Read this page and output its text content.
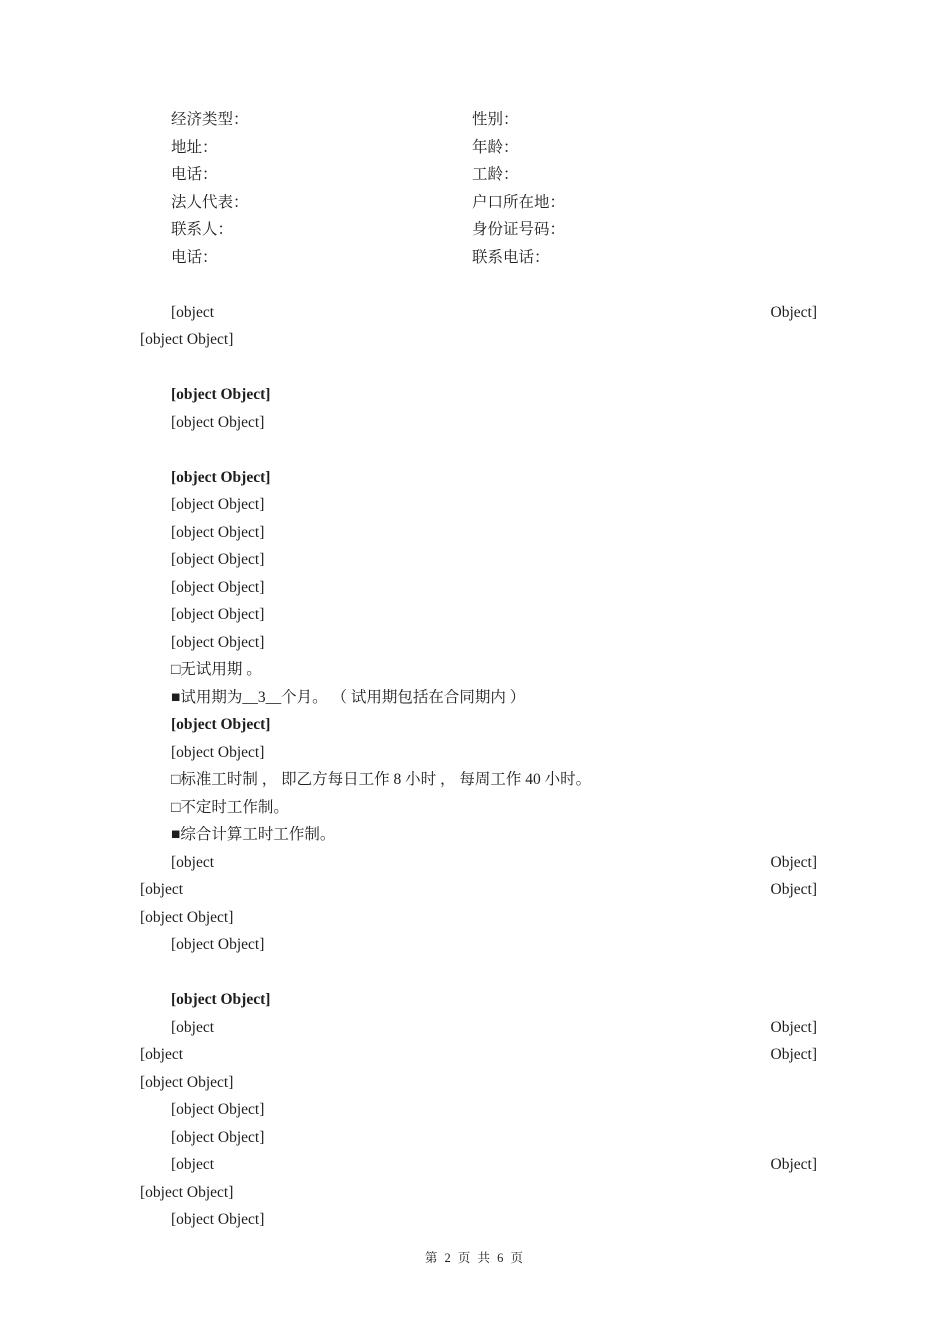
经济类型：	性别：
地址：	年龄：
电话：	工龄：
法人代表：	户口所在地：
联系人：	身份证号码：
电话：	联系电话：
[object Object]
[object Object]
[object Object]
[object Object]
[object Object]
[object Object]
[object Object]
[object Object]
[object Object]
[object Object]
[object Object]
□无试用期 。
■试用期为__3__个月。 （ 试用期包括在合同期内 ）
[object Object]
[object Object]
□标准工时制 ， 即乙方每日工作 8 小时 ， 每周工作 40 小时。
□不定时工作制。
■综合计算工时工作制。
[object Object]
[object Object]
[object Object]
[object Object]
[object Object]
[object Object]
[object Object]
[object Object]
[object Object]
[object Object]
[object Object]
[object Object]
[object Object]
第 2 页 共 6 页
